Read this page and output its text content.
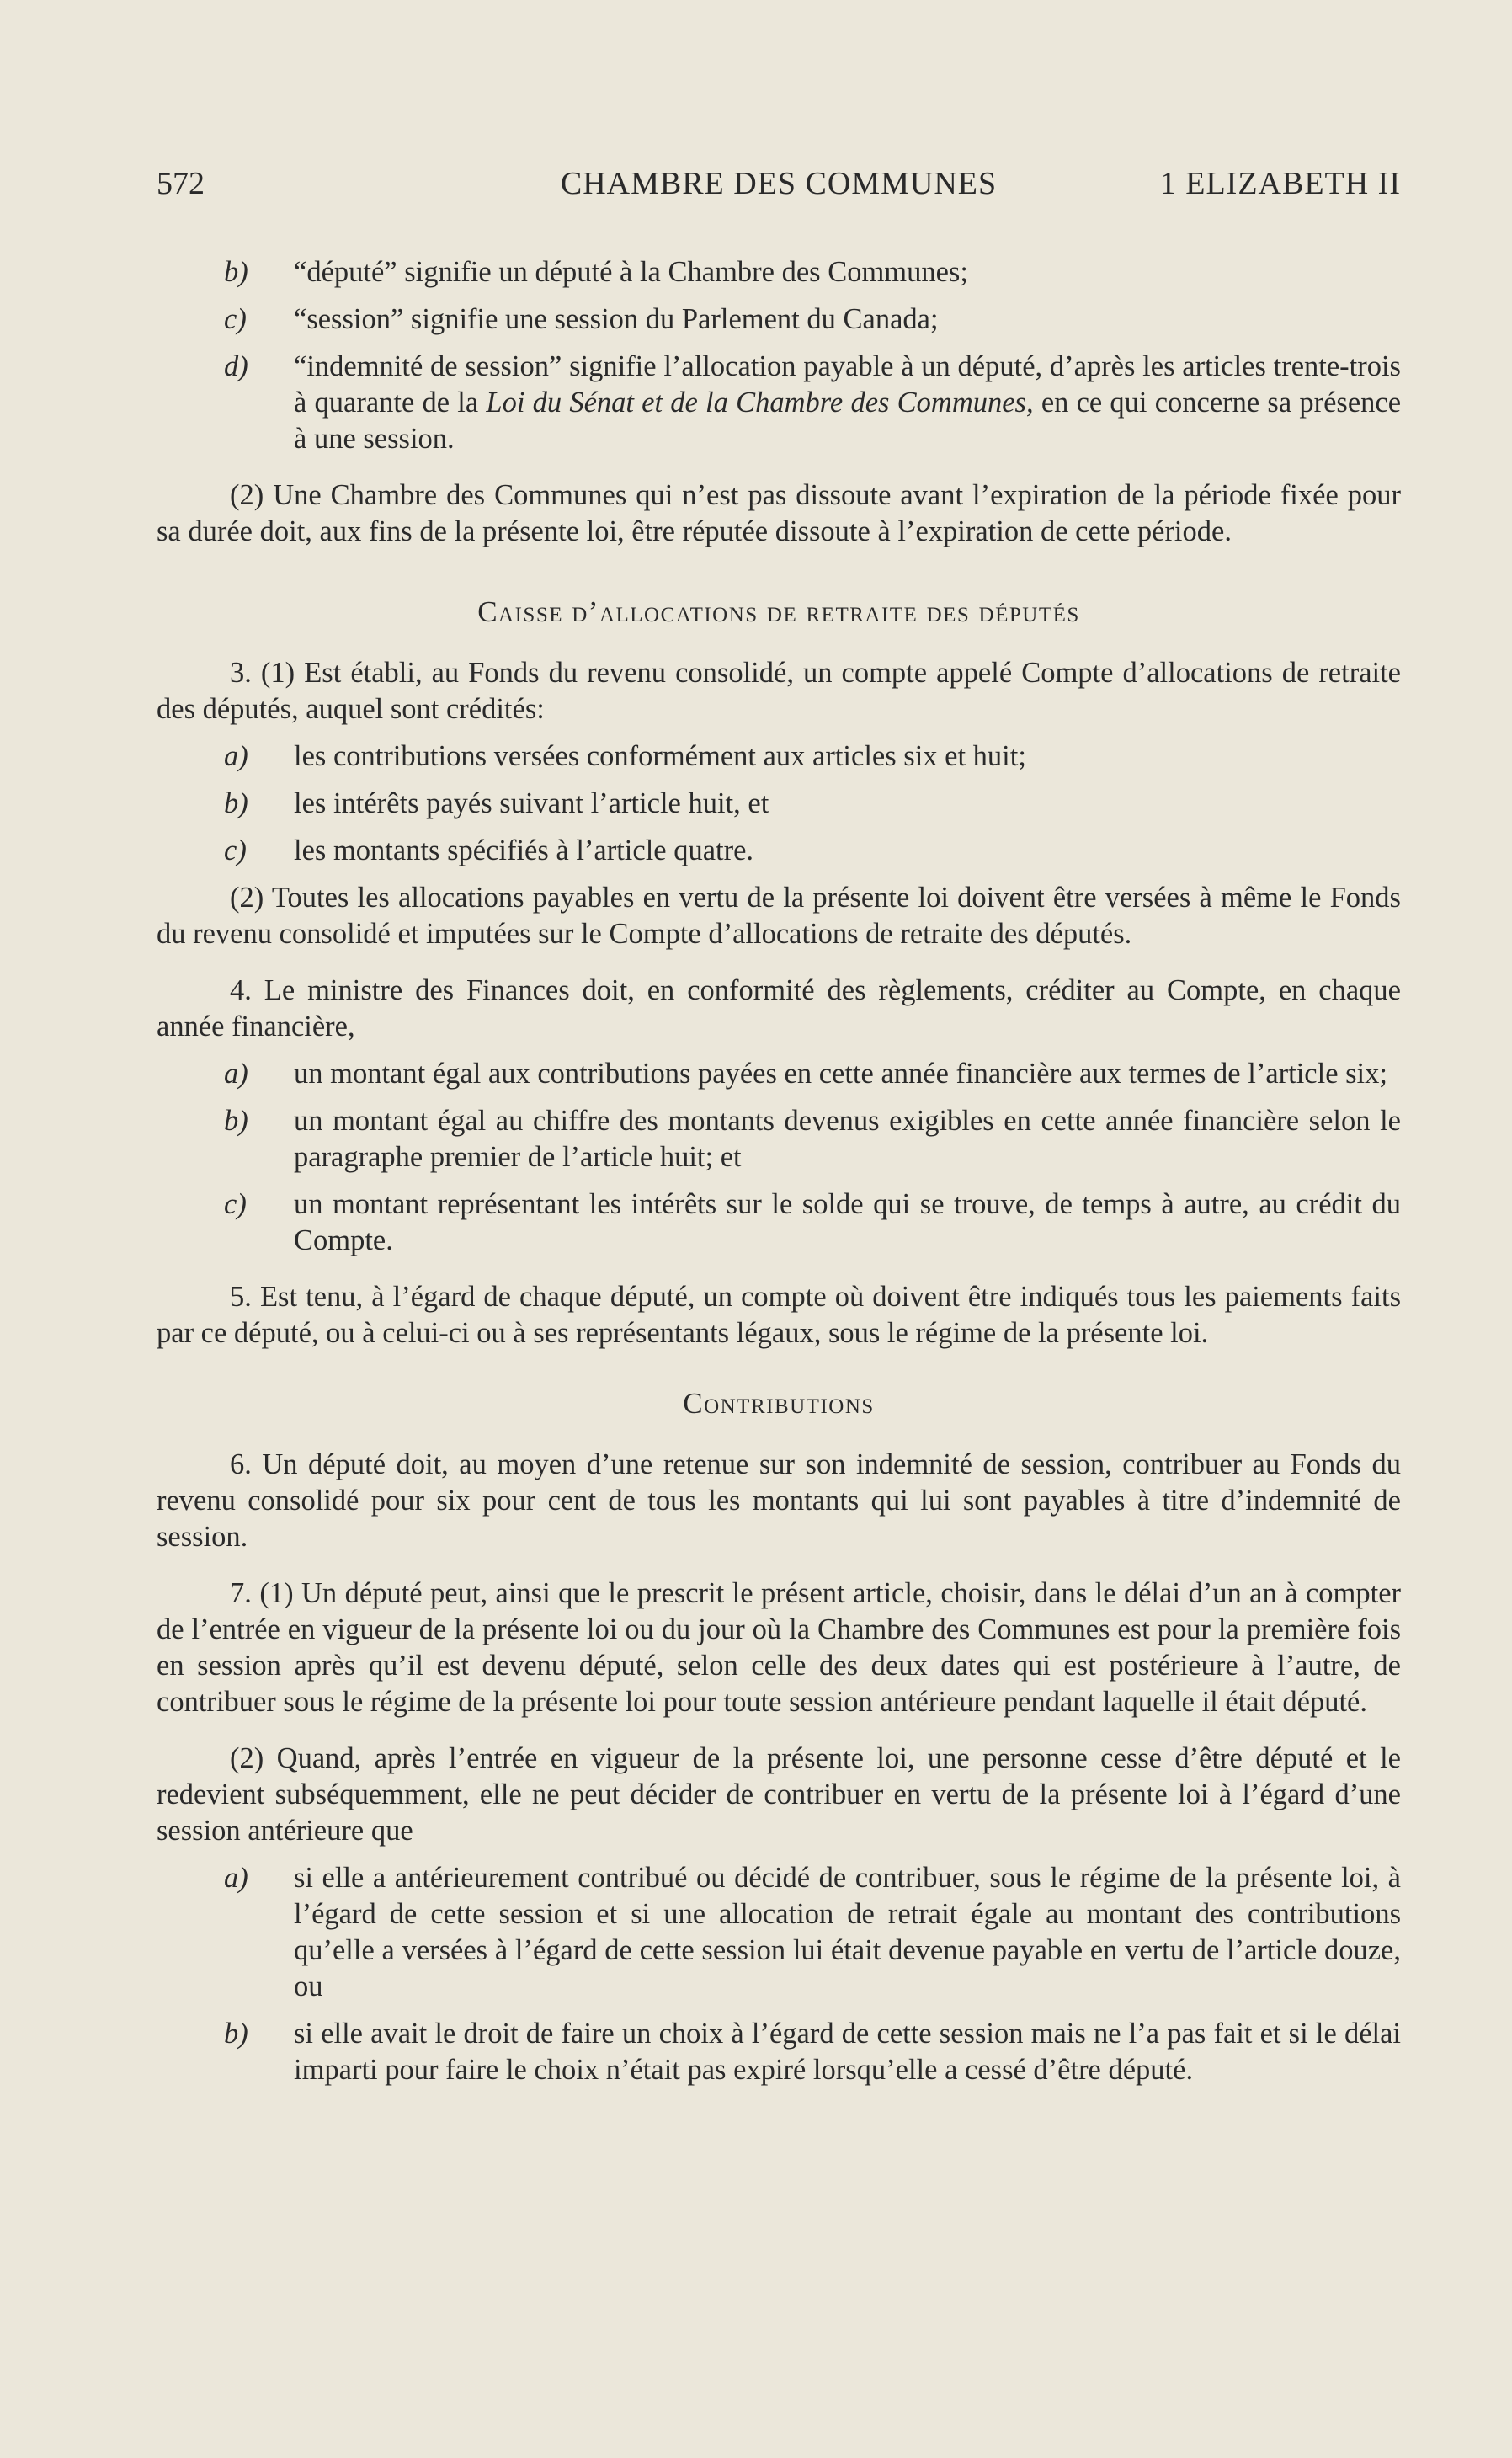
572	CHAMBRE DES COMMUNES	1 ELIZABETH II
b) “député” signifie un député à la Chambre des Communes;
c) “session” signifie une session du Parlement du Canada;
d) “indemnité de session” signifie l’allocation payable à un député, d’après les articles trente-trois à quarante de la Loi du Sénat et de la Chambre des Communes, en ce qui concerne sa présence à une session.

(2) Une Chambre des Communes qui n’est pas dissoute avant l’expiration de la période fixée pour sa durée doit, aux fins de la présente loi, être réputée dissoute à l’expiration de cette période.

Caisse d’allocations de retraite des députés

3. (1) Est établi, au Fonds du revenu consolidé, un compte appelé Compte d’allocations de retraite des députés, auquel sont crédités:

a) les contributions versées conformément aux articles six et huit;
b) les intérêts payés suivant l’article huit, et
c) les montants spécifiés à l’article quatre.

(2) Toutes les allocations payables en vertu de la présente loi doivent être versées à même le Fonds du revenu consolidé et imputées sur le Compte d’allocations de retraite des députés.

4. Le ministre des Finances doit, en conformité des règlements, créditer au Compte, en chaque année financière,

a) un montant égal aux contributions payées en cette année financière aux termes de l’article six;
b) un montant égal au chiffre des montants devenus exigibles en cette année financière selon le paragraphe premier de l’article huit; et
c) un montant représentant les intérêts sur le solde qui se trouve, de temps à autre, au crédit du Compte.

5. Est tenu, à l’égard de chaque député, un compte où doivent être indiqués tous les paiements faits par ce député, ou à celui-ci ou à ses représentants légaux, sous le régime de la présente loi.

Contributions

6. Un député doit, au moyen d’une retenue sur son indemnité de session, contribuer au Fonds du revenu consolidé pour six pour cent de tous les montants qui lui sont payables à titre d’indemnité de session.

7. (1) Un député peut, ainsi que le prescrit le présent article, choisir, dans le délai d’un an à compter de l’entrée en vigueur de la présente loi ou du jour où la Chambre des Communes est pour la première fois en session après qu’il est devenu député, selon celle des deux dates qui est postérieure à l’autre, de contribuer sous le régime de la présente loi pour toute session antérieure pendant laquelle il était député.

(2) Quand, après l’entrée en vigueur de la présente loi, une personne cesse d’être député et le redevient subséquemment, elle ne peut décider de contribuer en vertu de la présente loi à l’égard d’une session antérieure que

a) si elle a antérieurement contribué ou décidé de contribuer, sous le régime de la présente loi, à l’égard de cette session et si une allocation de retrait égale au montant des contributions qu’elle a versées à l’égard de cette session lui était devenue payable en vertu de l’article douze, ou
b) si elle avait le droit de faire un choix à l’égard de cette session mais ne l’a pas fait et si le délai imparti pour faire le choix n’était pas expiré lorsqu’elle a cessé d’être député.
